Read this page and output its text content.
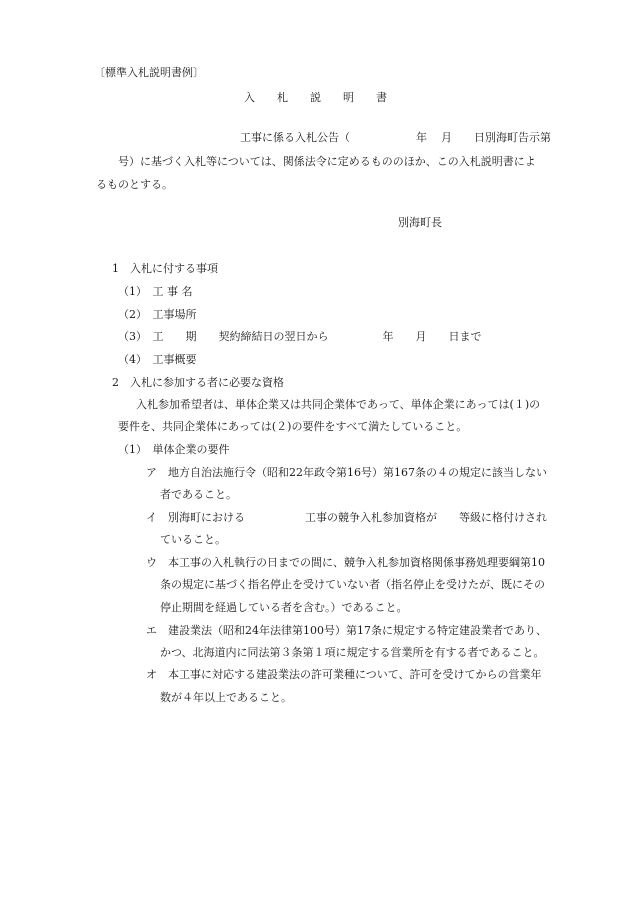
〔標準入札説明書例〕
入　　札　　説　　明　　書
工事に係る入札公告（	年 月 日別海町告示第
号）に基づく入札等については、関係法令に定めるもののほか、この入札説明書によ
るものとする。
別海町長
1　入札に付する事項
（1）　工 事 名
（2）　工事場所
（3）　工　　期　　契約締結日の翌日から	年 月 日まで
（4）　工事概要
2　入札に参加する者に必要な資格
入札参加希望者は、単体企業又は共同企業体であって、単体企業にあっては(１)の
要件を、共同企業体にあっては(２)の要件をすべて満たしていること。
（1）　単体企業の要件
ア　地方自治法施行令（昭和22年政令第16号）第167条の４の規定に該当しない
者であること。
イ　別海町における	工事の競争入札参加資格が 等級に格付けされ
ていること。
ウ　本工事の入札執行の日までの間に、競争入札参加資格関係事務処理要綱第10
条の規定に基づく指名停止を受けていない者（指名停止を受けたが、既にその
停止期間を経過している者を含む。）であること。
エ　建設業法（昭和24年法律第100号）第17条に規定する特定建設業者であり、
かつ、北海道内に同法第３条第１項に規定する営業所を有する者であること。
オ　本工事に対応する建設業法の許可業種について、許可を受けてからの営業年
数が４年以上であること。
